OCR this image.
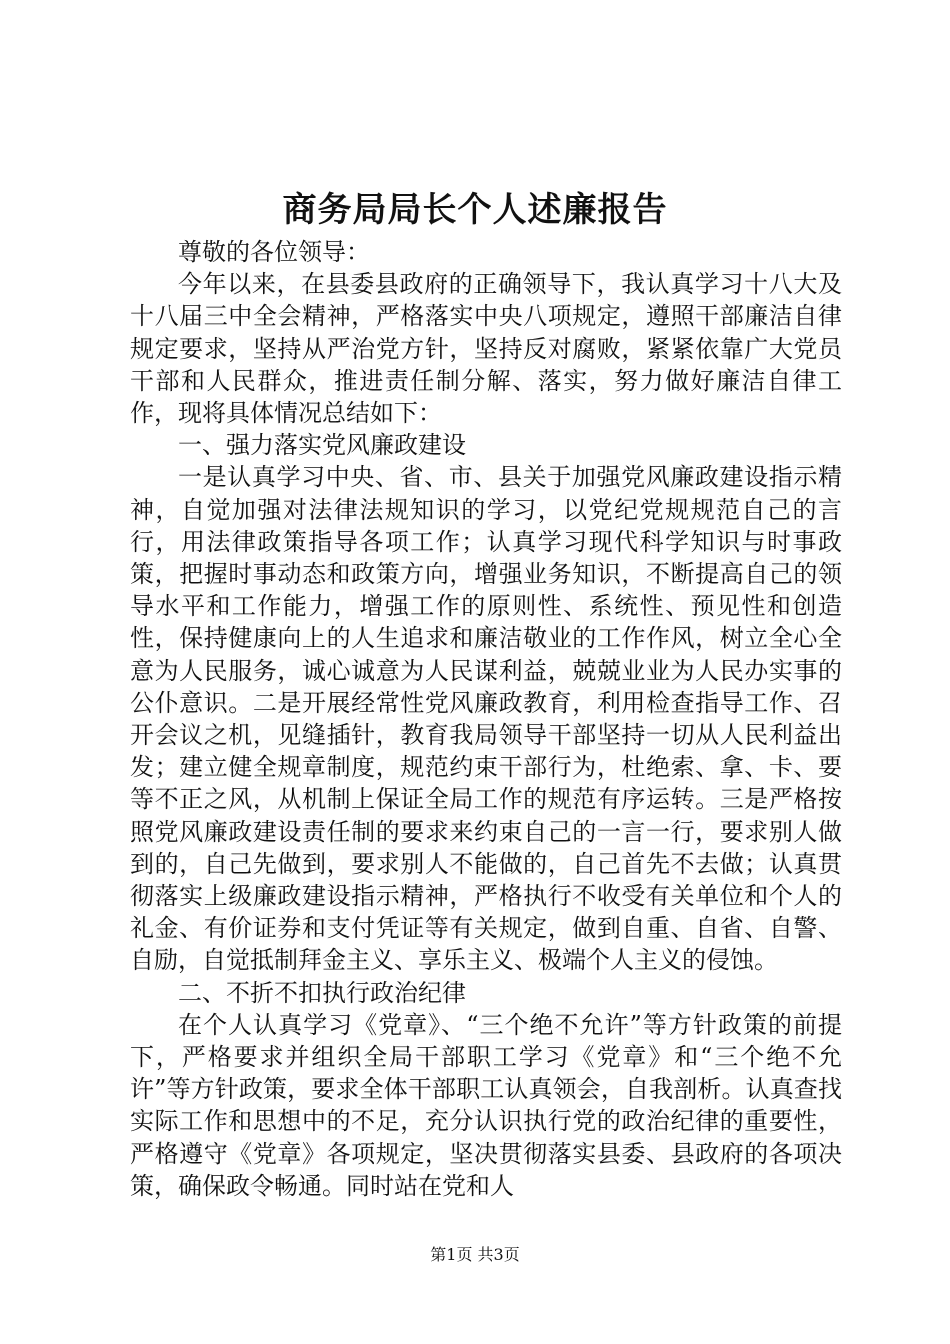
商务局局长个人述廉报告

尊敬的各位领导：

今年以来，在县委县政府的正确领导下，我认真学习十八大及十八届三中全会精神，严格落实中央八项规定，遵照干部廉洁自律规定要求，坚持从严治党方针，坚持反对腐败，紧紧依靠广大党员干部和人民群众，推进责任制分解、落实，努力做好廉洁自律工作，现将具体情况总结如下：

一、强力落实党风廉政建设

一是认真学习中央、省、市、县关于加强党风廉政建设指示精神，自觉加强对法律法规知识的学习，以党纪党规规范自己的言行，用法律政策指导各项工作；认真学习现代科学知识与时事政策，把握时事动态和政策方向，增强业务知识，不断提高自己的领导水平和工作能力，增强工作的原则性、系统性、预见性和创造性，保持健康向上的人生追求和廉洁敬业的工作作风，树立全心全意为人民服务，诚心诚意为人民谋利益，兢兢业业为人民办实事的公仆意识。二是开展经常性党风廉政教育，利用检查指导工作、召开会议之机，见缝插针，教育我局领导干部坚持一切从人民利益出发；建立健全规章制度，规范约束干部行为，杜绝索、拿、卡、要等不正之风，从机制上保证全局工作的规范有序运转。三是严格按照党风廉政建设责任制的要求来约束自己的一言一行，要求别人做到的，自己先做到，要求别人不能做的，自己首先不去做；认真贯彻落实上级廉政建设指示精神，严格执行不收受有关单位和个人的礼金、有价证券和支付凭证等有关规定，做到自重、自省、自警、自励，自觉抵制拜金主义、享乐主义、极端个人主义的侵蚀。

二、不折不扣执行政治纪律

在个人认真学习《党章》、“三个绝不允许”等方针政策的前提下，严格要求并组织全局干部职工学习《党章》和“三个绝不允许”等方针政策，要求全体干部职工认真领会，自我剖析。认真查找实际工作和思想中的不足，充分认识执行党的政治纪律的重要性，严格遵守《党章》各项规定，坚决贯彻落实县委、县政府的各项决策，确保政令畅通。同时站在党和人

第1页 共3页
